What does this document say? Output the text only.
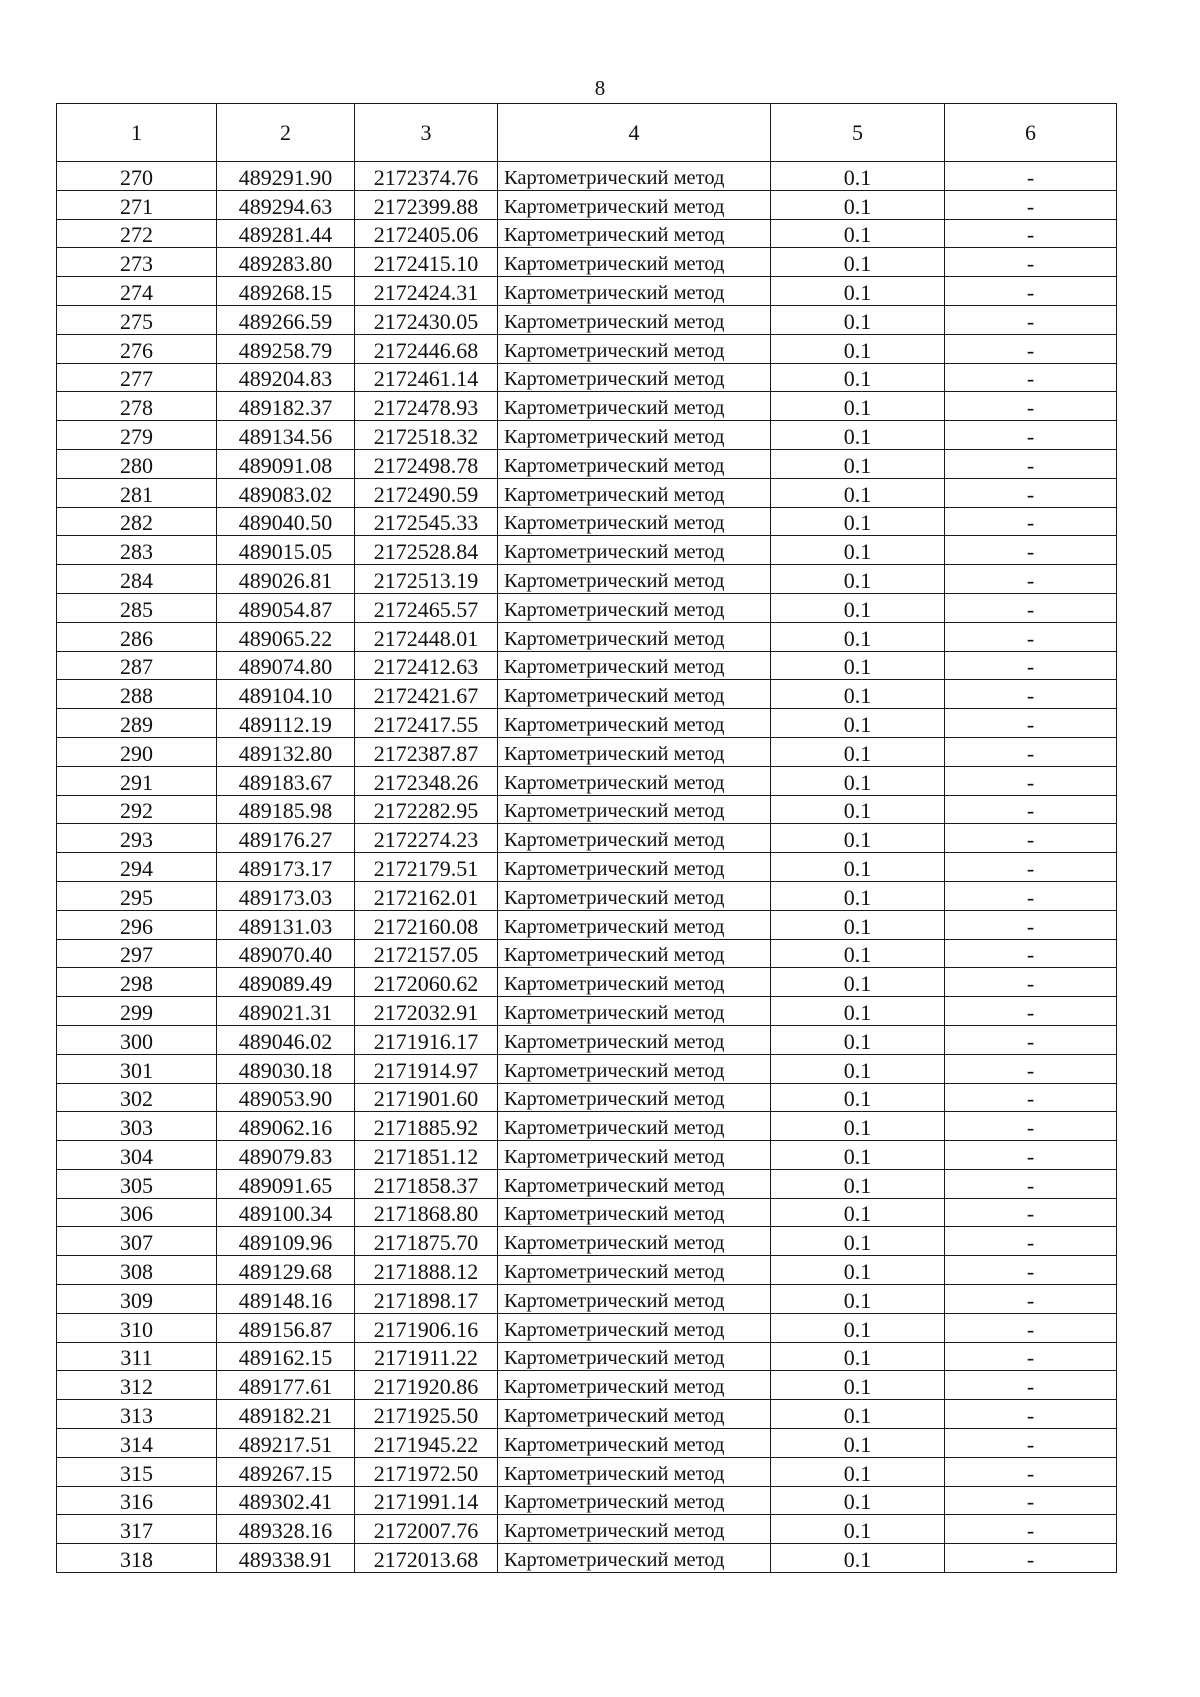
8
1	2	3	4	5	6
270	489291.90	2172374.76	Картометрический метод	0.1	-
271	489294.63	2172399.88	Картометрический метод	0.1	-
272	489281.44	2172405.06	Картометрический метод	0.1	-
273	489283.80	2172415.10	Картометрический метод	0.1	-
274	489268.15	2172424.31	Картометрический метод	0.1	-
275	489266.59	2172430.05	Картометрический метод	0.1	-
276	489258.79	2172446.68	Картометрический метод	0.1	-
277	489204.83	2172461.14	Картометрический метод	0.1	-
278	489182.37	2172478.93	Картометрический метод	0.1	-
279	489134.56	2172518.32	Картометрический метод	0.1	-
280	489091.08	2172498.78	Картометрический метод	0.1	-
281	489083.02	2172490.59	Картометрический метод	0.1	-
282	489040.50	2172545.33	Картометрический метод	0.1	-
283	489015.05	2172528.84	Картометрический метод	0.1	-
284	489026.81	2172513.19	Картометрический метод	0.1	-
285	489054.87	2172465.57	Картометрический метод	0.1	-
286	489065.22	2172448.01	Картометрический метод	0.1	-
287	489074.80	2172412.63	Картометрический метод	0.1	-
288	489104.10	2172421.67	Картометрический метод	0.1	-
289	489112.19	2172417.55	Картометрический метод	0.1	-
290	489132.80	2172387.87	Картометрический метод	0.1	-
291	489183.67	2172348.26	Картометрический метод	0.1	-
292	489185.98	2172282.95	Картометрический метод	0.1	-
293	489176.27	2172274.23	Картометрический метод	0.1	-
294	489173.17	2172179.51	Картометрический метод	0.1	-
295	489173.03	2172162.01	Картометрический метод	0.1	-
296	489131.03	2172160.08	Картометрический метод	0.1	-
297	489070.40	2172157.05	Картометрический метод	0.1	-
298	489089.49	2172060.62	Картометрический метод	0.1	-
299	489021.31	2172032.91	Картометрический метод	0.1	-
300	489046.02	2171916.17	Картометрический метод	0.1	-
301	489030.18	2171914.97	Картометрический метод	0.1	-
302	489053.90	2171901.60	Картометрический метод	0.1	-
303	489062.16	2171885.92	Картометрический метод	0.1	-
304	489079.83	2171851.12	Картометрический метод	0.1	-
305	489091.65	2171858.37	Картометрический метод	0.1	-
306	489100.34	2171868.80	Картометрический метод	0.1	-
307	489109.96	2171875.70	Картометрический метод	0.1	-
308	489129.68	2171888.12	Картометрический метод	0.1	-
309	489148.16	2171898.17	Картометрический метод	0.1	-
310	489156.87	2171906.16	Картометрический метод	0.1	-
311	489162.15	2171911.22	Картометрический метод	0.1	-
312	489177.61	2171920.86	Картометрический метод	0.1	-
313	489182.21	2171925.50	Картометрический метод	0.1	-
314	489217.51	2171945.22	Картометрический метод	0.1	-
315	489267.15	2171972.50	Картометрический метод	0.1	-
316	489302.41	2171991.14	Картометрический метод	0.1	-
317	489328.16	2172007.76	Картометрический метод	0.1	-
318	489338.91	2172013.68	Картометрический метод	0.1	-
